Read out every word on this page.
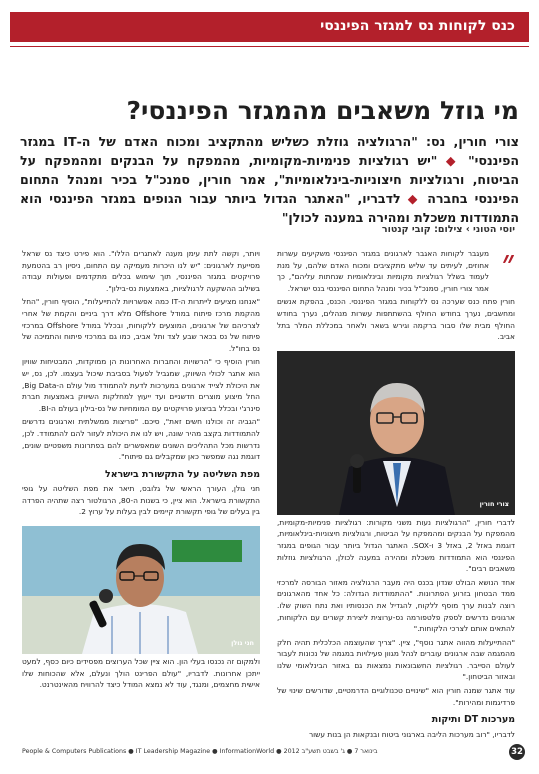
כנס לקוחות נס למגזר הפיננסי
מי גוזל משאבים מהמגזר הפיננסי?
צורי חורין, נס: "הרגולציה גוזלת כשליש מהתקציב ומכוח האדם של ה-IT במגזר הפיננסי" ◆ "יש רגולציות פנימיות-מקומיות, מהמפקח על הבנקים ומהמפקח על הביטוח, ורגולציות חיצוניות-בינלאומיות", אמר חורין, סמנכ"ל בכיר ומנהל התחום הפיננסי בחברה ◆ לדבריו, "האתגר הגדול ביותר עבור הגופים במגזר הפיננסי הוא התמודדות משכלת ומהירה במענה לכולן"
יוסי הטוני › צילום: קובי קנטור
״

מעגבר לקוחות האגבר לארגונים במגזר הפיננסי משקיעים עשרות אחוזים, לעיתים עד שליש מתקציבים ומכוח האדם שלהם, על מנת לעמוד בשלל רגולציות מקומיות ובינלאומיות שנחתות עליהם", כך אמר צורי חורין, סמנכ"ל בכיר ומנהל התחום הפיננסי בנס ישראל.

חורין פתח כנס שערכה נס ללקוחות במגזר הפיננסי. הכנס, בהפקת אנשים ומחשבים, נערך בחודש החולף בהשתתפות עשרות מנהלים, נערך בחודש החולף מבית שלו סבור ברקמה וגירש בשאר ולאחר במכללת המלר בתל אביב.

צורי חורין

לדברי חורין, "הרגולציות נעות משני מקורות: רגולציות פנימיות-מקומיות, מהמפקח על הבנקים ומהמפקח על הביטוח, ורגולציות חיצוניות-בינלאומיות, דוגמת באזל 2, באזל 3 ו-SOX. האתגר הגדול ביותר עבור הגופים במגזר הפיננסי הוא התמודדות משכלת ומהירה במענה לכולן, הרגולציות גוזלות משאבים רבים".

אחד הנושא הבולט שנדון בכנס היה מעבר הרגולציה מאזור הבורסה למרכזי ממד הבטחון בזרוע הפתרונות. "ההתמודדות הגדולה: כל אחד מהארגונים רוצה לבנות ערך מוסף ללקוח, להגדיל את הכנסותיו ואת נתח השוק שלו. ארגונים נדרשים לספק פלטפורמה נס-ערוצית ליצירת קשרים עם הלקוחות, להתאים אותם לצרכי הלקוחות."

"ההתייעלות מהווה אתגר נוסף", ציין. "צריך שהעוצמה הכלכלית תהיה חלק מהמגמה שבה ארגונים עוברים לנהל מגוון פעילויות במגמה של נכונות לעבור לעולם הסייבר. רגולציות החשבונאות נמצאות גם באזור הבינלאומי שלנו ובאזור הביטחון."

עוד אתגר שמנה חורין הוא "שינויים טכנולוגיים הדרמטיים, שדורשים שינוי של פרדיגמות ומהירות".

מערכות DT ותיקות

לדבריו, "רוב מערכות הליבה בארגוני ביטוח ובנקאות הן בנות עשור

ויותר, וקשה לתת עימן מענה לאתגרים הללו". הוא פירט כיצד נס שראל מסייעת לארגונים: "יש לנו היכרות מעמיקה עם התחום, ניסיון רב בהטמעת פרויקטים במגזר הפיננסי, תוך שימוש בכלים מתקדמים ופעולות עבודה בשילוב ההשקעה לרגולציות, באמצעות נס-בילון".

"אנחנו מציעים לייתרות ה-IT כמה אפשרויות להתייעלות", הוסיף חורין, "החל מהקמת מרכז פיתוח במודל Offshore מלא דרך ביניים והקמת של אחרי לצרכיהם של ארגונים, המוצעים ללקוחות, ובכלל במודל Offshore במרכזי פיתוח של נס בכאר שבע לצד ותל אביב, כמו גם במרכזי פיתוח והתמיכה של נס בחו"ל.

חורין הוסיף כי "הרשויות והחברות האחרונות הן ממוקדות, המבטיחות שוויון הוא אתגר לכולי השיווק, שמגביל לפעול בסביבת שיכול בעצמו. לכן, נס, יש את היכולת לצייד ארגונים במערכות לדעת להתמודד מול עולם ה-Big Data, החל מיצוע מוצרים חדשניים ועד ייעוץ למחלקות השיווק באמצעות חברת סינרג'י ובכלל בביצוע פרויקטים עם המומחיות של נס-בילון בעולם ה-BI.

"הגביה זה וכולנו חשים זאת", סיכם. "פריצות ממשלתית וארגונים נדרשים להתמודדות בקצב מהיר שונה, ויש לנו את היכולת לעזור להם להתמודד. לכן, נדרשות מכל התהליכים השונים שמאפשרים להם בפתרונות משפטיים שונים, דוגמת נגה שמפשר כאן שמקבלים גם פיתוח".

מפת השליטה על התקשורת בישראל

חני גולן, העורך הראשי של גלובס, תיאר את מפת השליטה על גופי התקשורת בישראל. הוא ציין, כי בשנות ה-80, הרגולטור רצה שתהיה הפרדה בין בעלים של גופי תקשורת קיימים לבין בעלות על ערוץ 2.

חני גולן

ולמקום זה נכנסו בעלי הון. הוא ציין שכל הערוצים מפסידים כיום כסף, למעט ייתכן אחרונות. לדבריו, "עולם הפרינט הולך ונעלם, אלא שהכוחות שלו אישית מחצמים, ומנגד, עוד לא נמצא המודל כיצד להרוויח מהאינטרנט.

People & Computers Publications ● IT Leadership Magazine ● InformationWorld ● 2012 בינואר 7 ● ג' בשבט תשע"ב	32
